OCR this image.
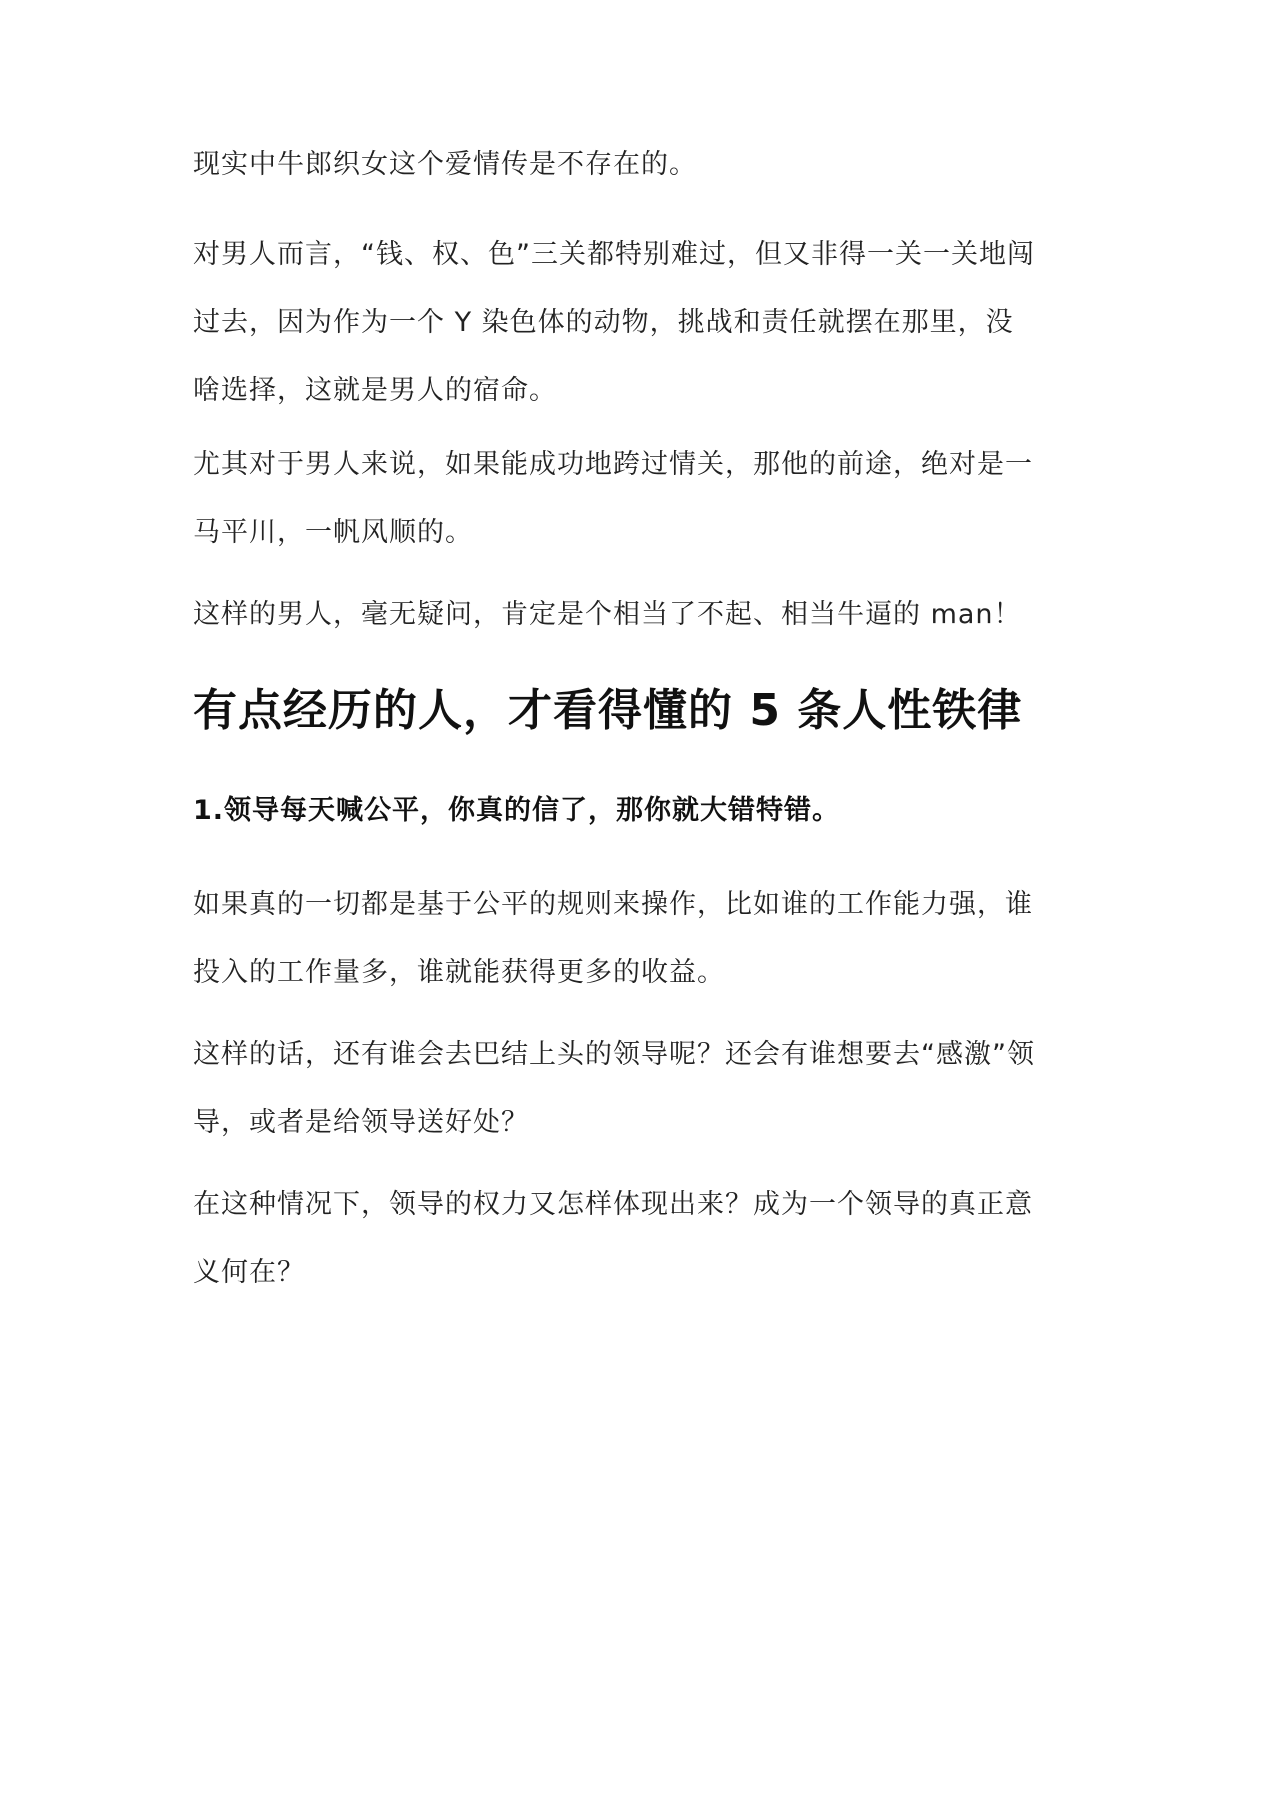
现实中牛郎织女这个爱情传是不存在的。

对男人而言，“钱、权、色”三关都特别难过，但又非得一关一关地闯
过去，因为作为一个 Y 染色体的动物，挑战和责任就摆在那里，没
啥选择，这就是男人的宿命。

尤其对于男人来说，如果能成功地跨过情关，那他的前途，绝对是一
马平川，一帆风顺的。

这样的男人，毫无疑问，肯定是个相当了不起、相当牛逼的 man！

有点经历的人，才看得懂的 5 条人性铁律
1.领导每天喊公平，你真的信了，那你就大错特错。

如果真的一切都是基于公平的规则来操作，比如谁的工作能力强，谁
投入的工作量多，谁就能获得更多的收益。

这样的话，还有谁会去巴结上头的领导呢？还会有谁想要去“感激”领
导，或者是给领导送好处？

在这种情况下，领导的权力又怎样体现出来？成为一个领导的真正意
义何在？
